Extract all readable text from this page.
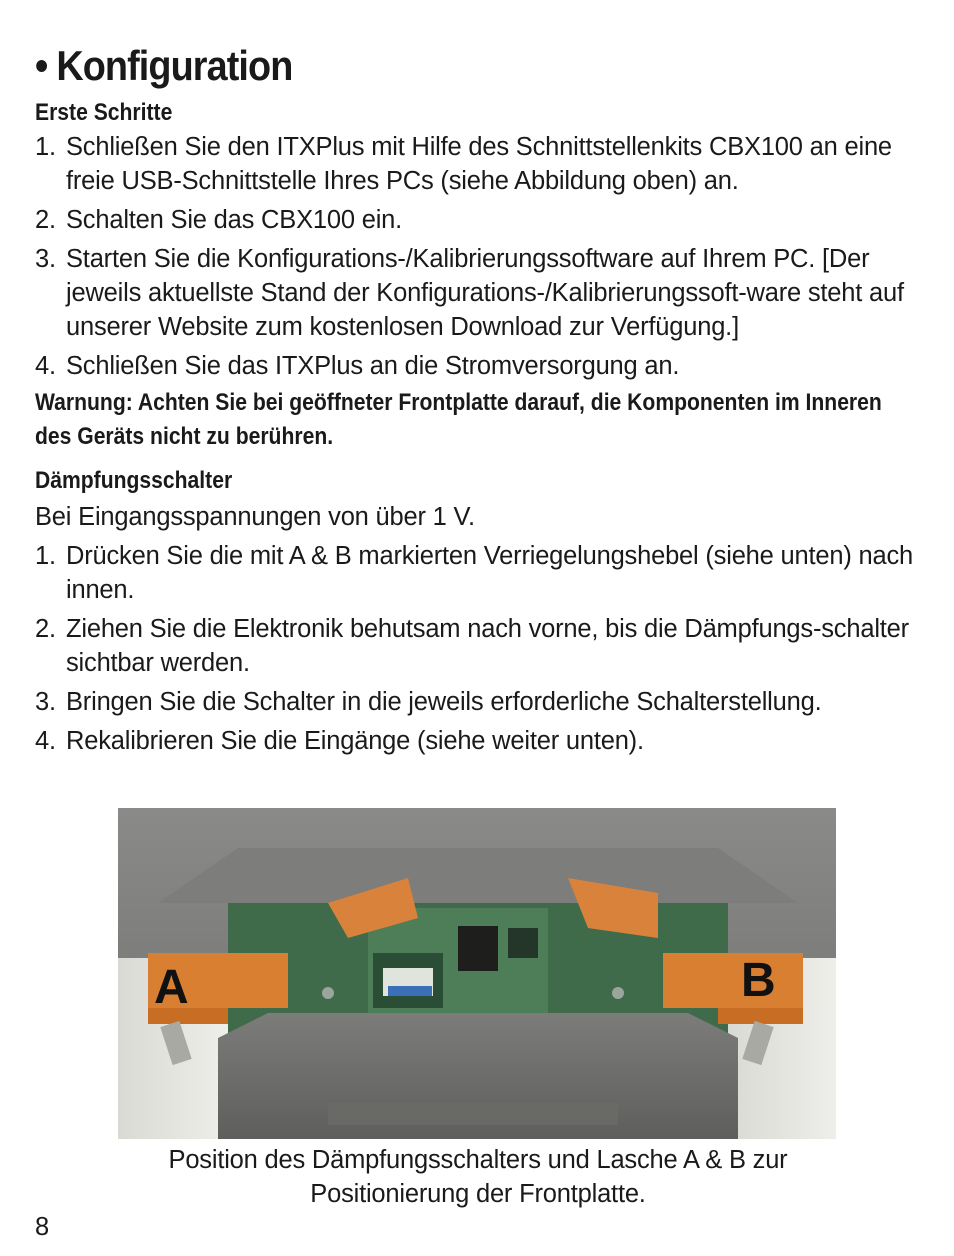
• Konfiguration
Erste Schritte
1. Schließen Sie den ITXPlus mit Hilfe des Schnittstellenkits CBX100 an eine freie USB-Schnittstelle Ihres PCs (siehe Abbildung oben) an.
2. Schalten Sie das CBX100 ein.
3. Starten Sie die Konfigurations-/Kalibrierungssoftware auf Ihrem PC. [Der jeweils aktuellste Stand der Konfigurations-/Kalibrierungssoft-ware steht auf unserer Website zum kostenlosen Download zur Verfügung.]
4. Schließen Sie das ITXPlus an die Stromversorgung an.
Warnung: Achten Sie bei geöffneter Frontplatte darauf, die Komponenten im Inneren des Geräts nicht zu berühren.
Dämpfungsschalter
Bei Eingangsspannungen von über 1 V.
1. Drücken Sie die mit A & B markierten Verriegelungshebel (siehe unten) nach innen.
2. Ziehen Sie die Elektronik behutsam nach vorne, bis die Dämpfungs-schalter sichtbar werden.
3. Bringen Sie die Schalter in die jeweils erforderliche Schalterstellung.
4. Rekalibrieren Sie die Eingänge (siehe weiter unten).
A	B
Position des Dämpfungsschalters und Lasche A & B zur
Positionierung der Frontplatte.
8
